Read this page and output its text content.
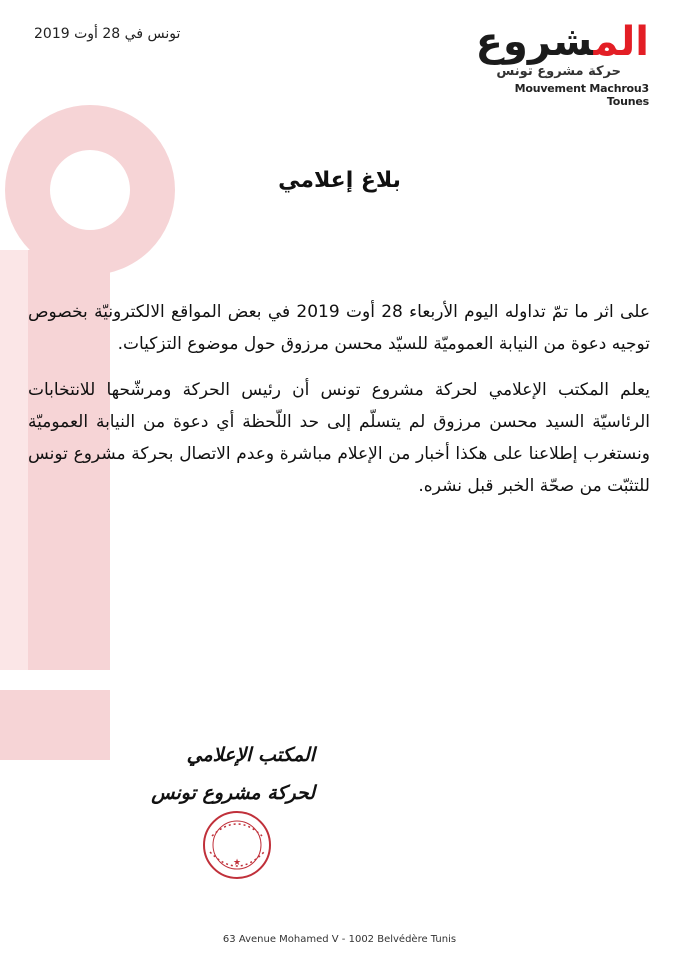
تونس في 28 أوت 2019	المشروع
حركة مشروع تونس
Mouvement Machrou3 Tounes
بلاغ إعلامي

على اثر ما تمّ تداوله اليوم الأربعاء 28 أوت 2019 في بعض المواقع الالكترونيّة بخصوص توجيه دعوة من النيابة العموميّة للسيّد محسن مرزوق حول موضوع التزكيات.

يعلم المكتب الإعلامي لحركة مشروع تونس أن رئيس الحركة ومرشّحها للانتخابات الرئاسيّة السيد محسن مرزوق لم يتسلّم إلى حد اللّحظة أي دعوة من النيابة العموميّة ونستغرب إطلاعنا على هكذا أخبار من الإعلام مباشرة وعدم الاتصال بحركة مشروع تونس للتثبّت من صحّة الخبر قبل نشره.

المكتب الإعلامي
لحركة مشروع تونس
★
63 Avenue Mohamed V - 1002 Belvédère Tunis
